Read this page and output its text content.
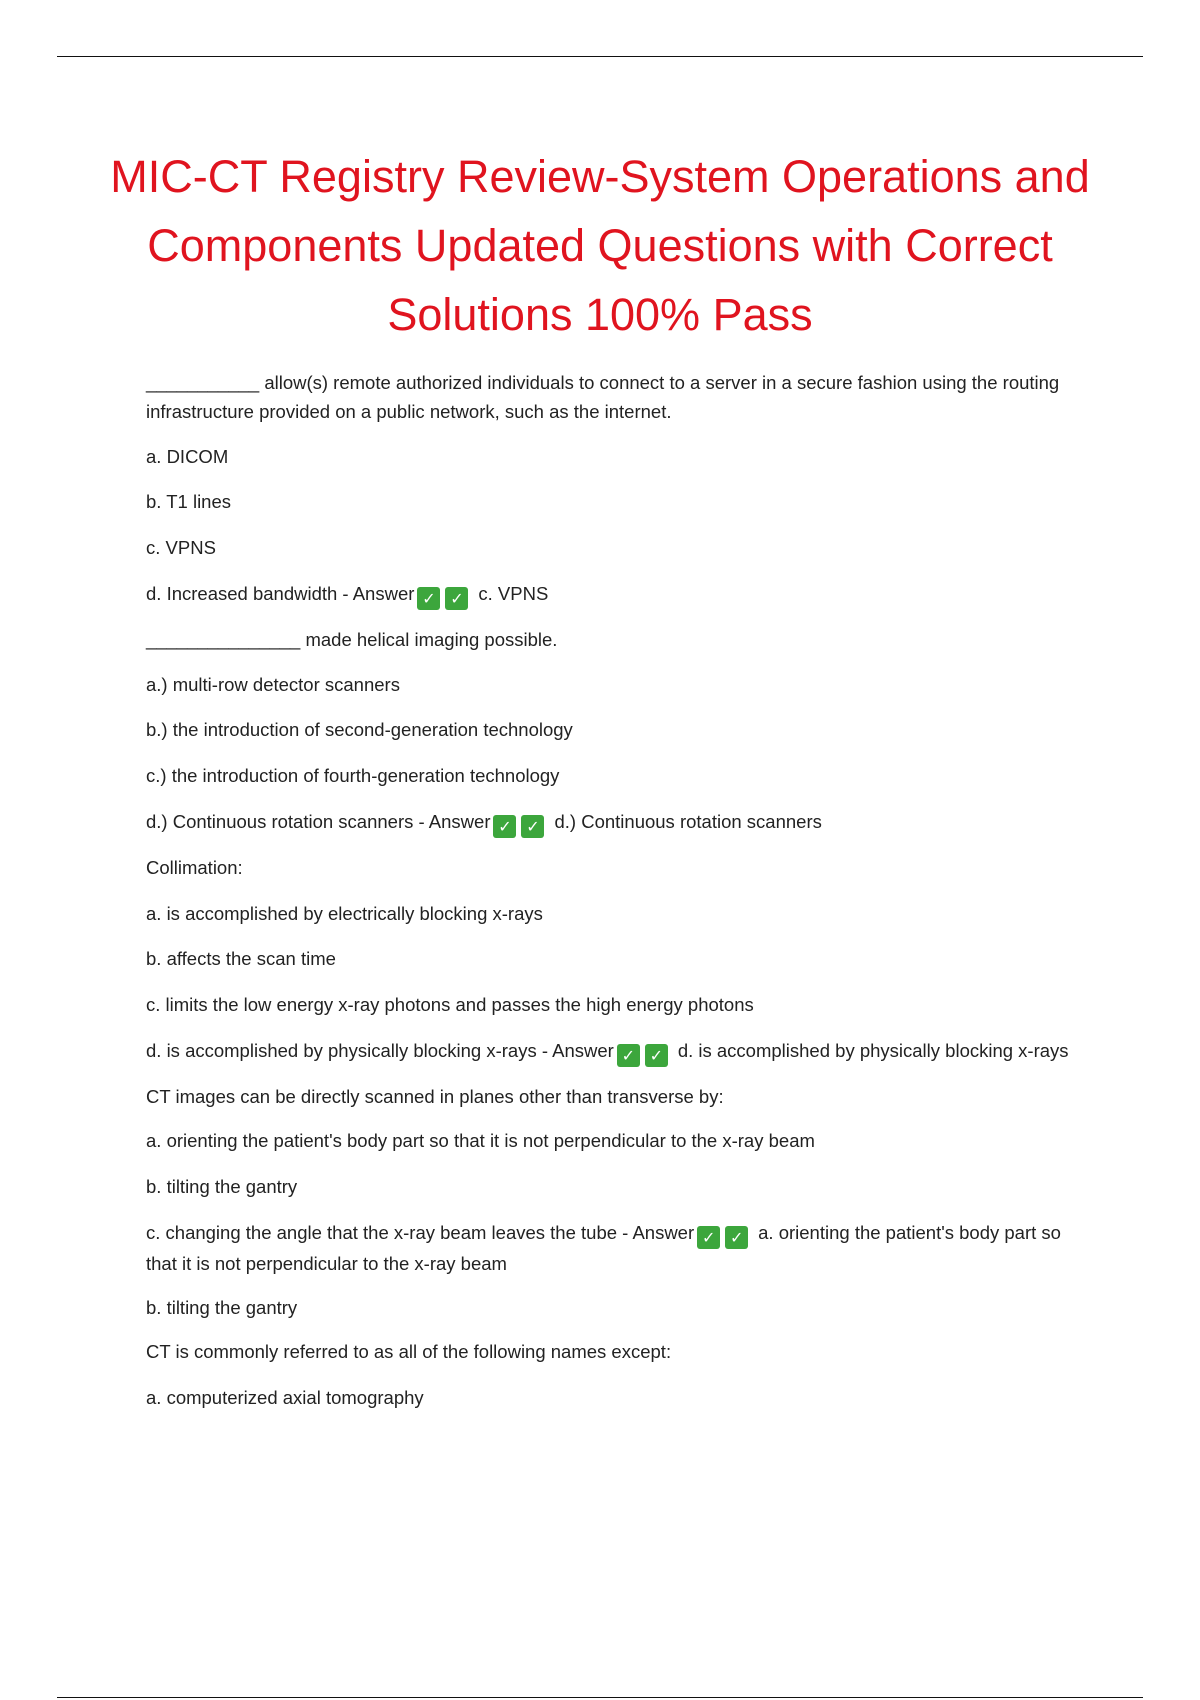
MIC-CT Registry Review-System Operations and Components Updated Questions with Correct Solutions 100% Pass

___________ allow(s) remote authorized individuals to connect to a server in a secure fashion using the routing infrastructure provided on a public network, such as the internet.

a. DICOM

b. T1 lines

c. VPNS

d. Increased bandwidth - Answer ✓ ✓ c. VPNS

_______________ made helical imaging possible.

a.) multi-row detector scanners

b.) the introduction of second-generation technology

c.) the introduction of fourth-generation technology

d.) Continuous rotation scanners - Answer ✓ ✓ d.) Continuous rotation scanners

Collimation:

a. is accomplished by electrically blocking x-rays

b. affects the scan time

c. limits the low energy x-ray photons and passes the high energy photons

d. is accomplished by physically blocking x-rays - Answer ✓ ✓ d. is accomplished by physically blocking x-rays

CT images can be directly scanned in planes other than transverse by:

a. orienting the patient's body part so that it is not perpendicular to the x-ray beam

b. tilting the gantry

c. changing the angle that the x-ray beam leaves the tube - Answer ✓ ✓ a. orienting the patient's body part so that it is not perpendicular to the x-ray beam

b. tilting the gantry

CT is commonly referred to as all of the following names except:

a. computerized axial tomography
